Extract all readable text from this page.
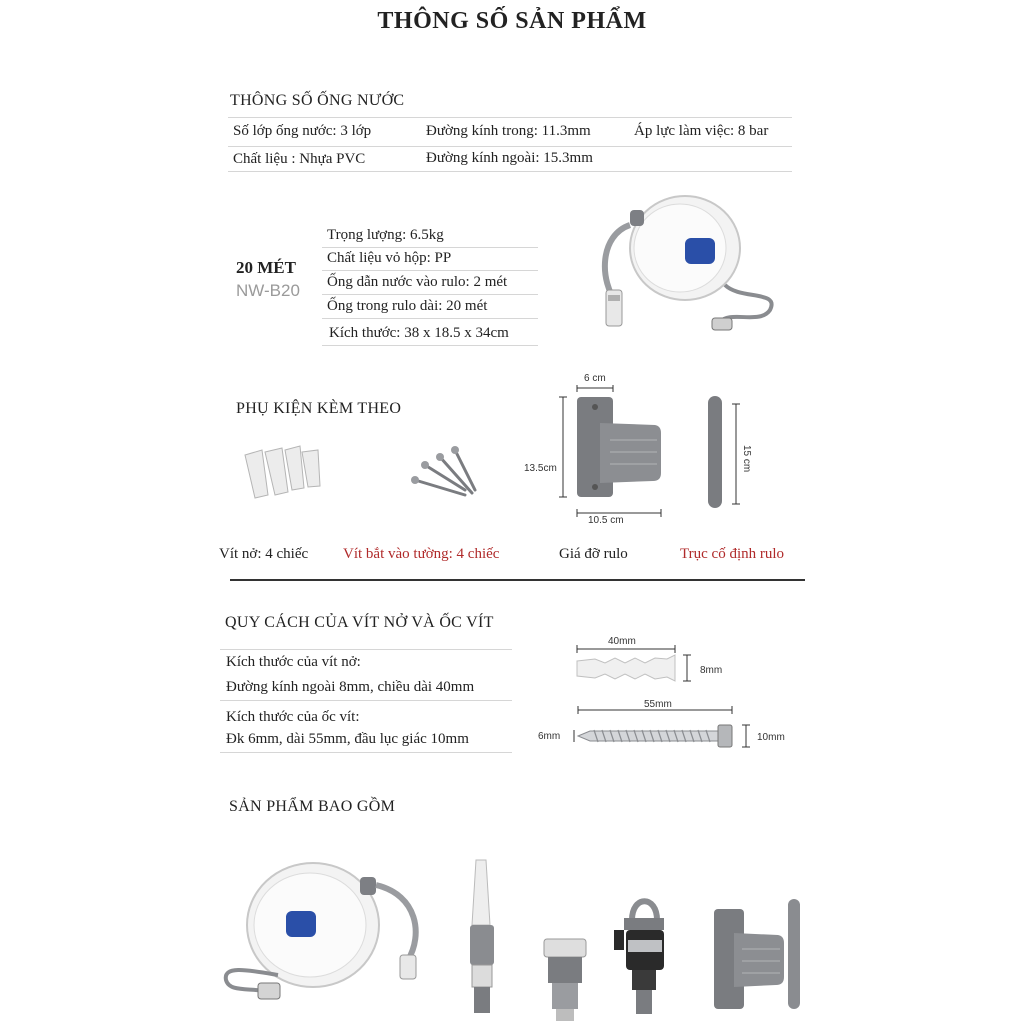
THÔNG SỐ SẢN PHẨM
THÔNG SỐ ỐNG NƯỚC
Số lớp ống nước: 3 lớp	Đường kính trong: 11.3mm	Áp lực làm việc: 8 bar
Chất liệu : Nhựa PVC	Đường kính ngoài: 15.3mm
20 MÉT
NW-B20
Trọng lượng: 6.5kg
Chất liệu vỏ hộp: PP
Ống dẫn nước vào rulo: 2 mét
Ống trong rulo dài: 20 mét
Kích thước: 38 x 18.5 x 34cm
PHỤ KIỆN KÈM THEO
6 cm
13.5cm
10.5 cm
15 cm
Vít nở: 4 chiếc Vít bắt vào tường: 4 chiếc	Giá đỡ rulo	Trục cố định rulo
QUY CÁCH CỦA VÍT NỞ VÀ ỐC VÍT
Kích thước của vít nở:
Đường kính ngoài 8mm, chiều dài 40mm
Kích thước của ốc vít:
Đk 6mm, dài 55mm, đầu lục giác 10mm
40mm
8mm
55mm
6mm	10mm
SẢN PHẨM BAO GỒM
